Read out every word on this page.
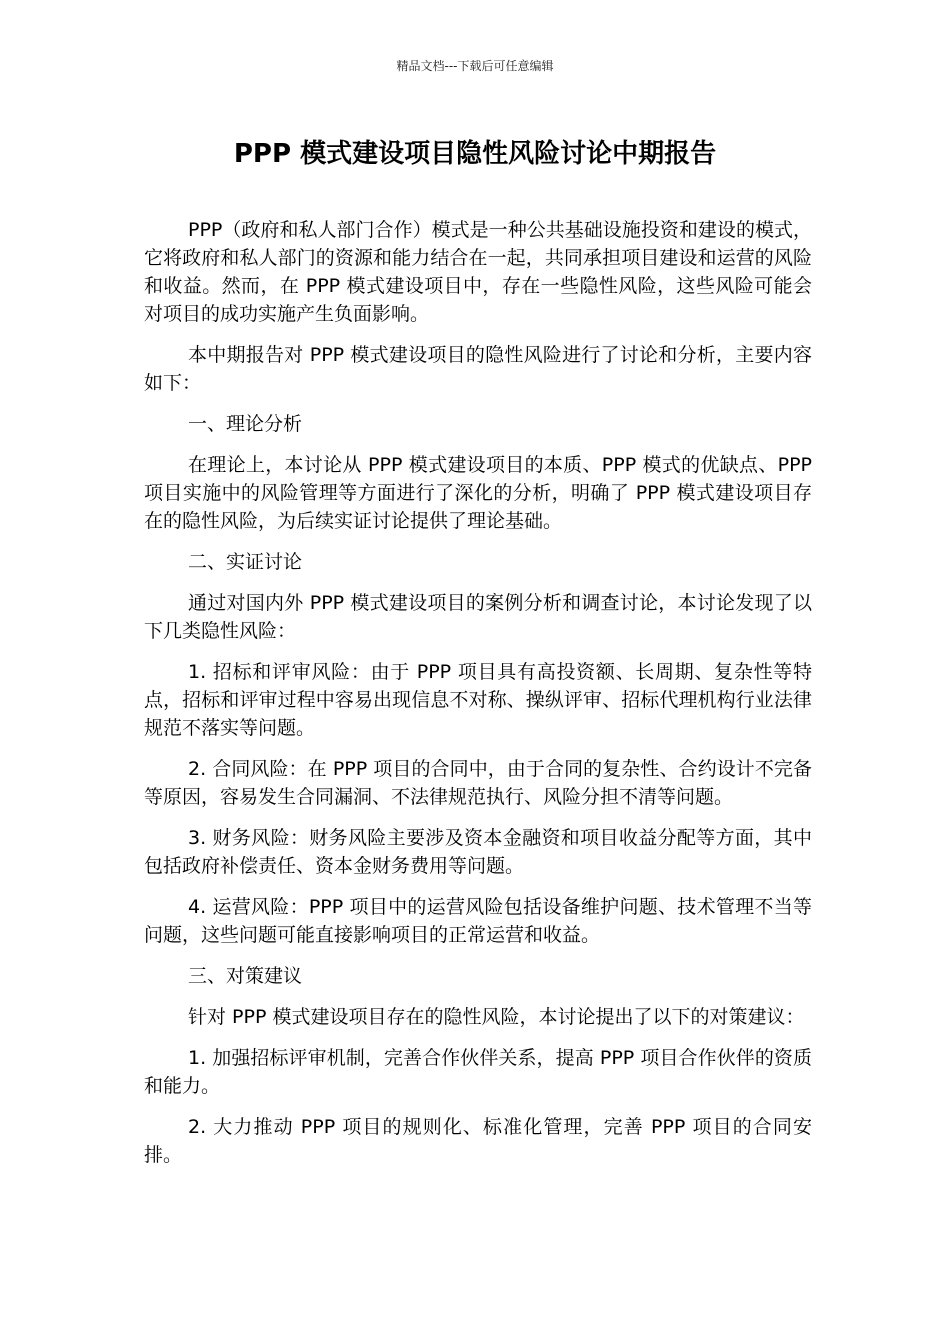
精品文档---下载后可任意编辑
PPP 模式建设项目隐性风险讨论中期报告

PPP（政府和私人部门合作）模式是一种公共基础设施投资和建设的模式，它将政府和私人部门的资源和能力结合在一起，共同承担项目建设和运营的风险和收益。然而，在 PPP 模式建设项目中，存在一些隐性风险，这些风险可能会对项目的成功实施产生负面影响。

本中期报告对 PPP 模式建设项目的隐性风险进行了讨论和分析，主要内容如下：

一、理论分析

在理论上，本讨论从 PPP 模式建设项目的本质、PPP 模式的优缺点、PPP 项目实施中的风险管理等方面进行了深化的分析，明确了 PPP 模式建设项目存在的隐性风险，为后续实证讨论提供了理论基础。

二、实证讨论

通过对国内外 PPP 模式建设项目的案例分析和调查讨论，本讨论发现了以下几类隐性风险：

1. 招标和评审风险：由于 PPP 项目具有高投资额、长周期、复杂性等特点，招标和评审过程中容易出现信息不对称、操纵评审、招标代理机构行业法律规范不落实等问题。

2. 合同风险：在 PPP 项目的合同中，由于合同的复杂性、合约设计不完备等原因，容易发生合同漏洞、不法律规范执行、风险分担不清等问题。

3. 财务风险：财务风险主要涉及资本金融资和项目收益分配等方面，其中包括政府补偿责任、资本金财务费用等问题。

4. 运营风险：PPP 项目中的运营风险包括设备维护问题、技术管理不当等问题，这些问题可能直接影响项目的正常运营和收益。

三、对策建议

针对 PPP 模式建设项目存在的隐性风险，本讨论提出了以下的对策建议：

1. 加强招标评审机制，完善合作伙伴关系，提高 PPP 项目合作伙伴的资质和能力。

2. 大力推动 PPP 项目的规则化、标准化管理，完善 PPP 项目的合同安排。
